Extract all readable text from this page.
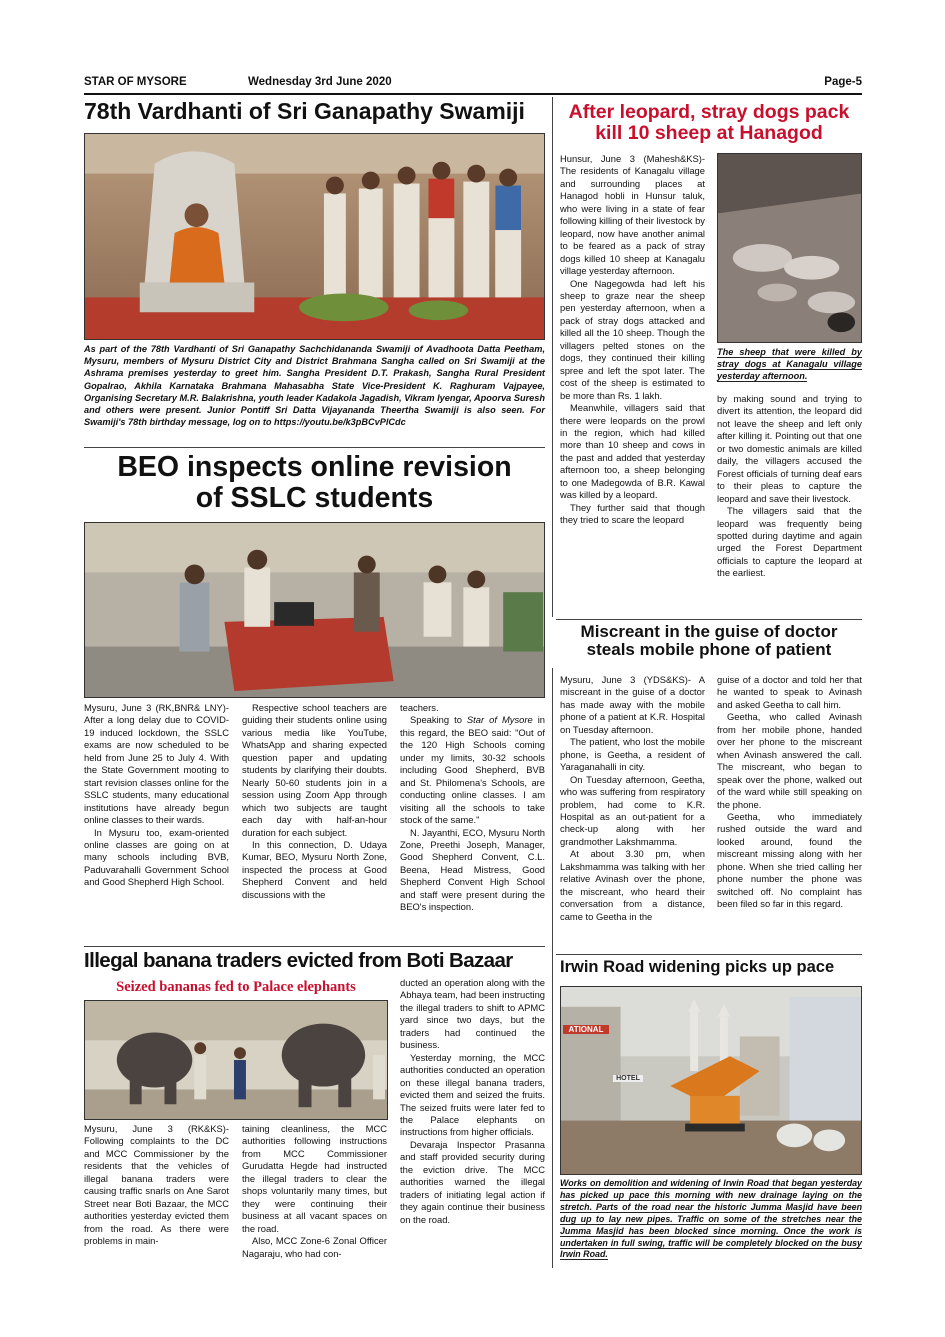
STAR OF MYSORE	Wednesday 3rd June 2020	Page-5
78th Vardhanti of Sri Ganapathy Swamiji
As part of the 78th Vardhanti of Sri Ganapathy Sachchidananda Swamiji of Avadhoota Datta Peetham, Mysuru, members of Mysuru District City and District Brahmana Sangha called on Sri Swamiji at the Ashrama premises yesterday to greet him. Sangha President D.T. Prakash, Sangha Rural President Gopalrao, Akhila Karnataka Brahmana Mahasabha State Vice-President K. Raghuram Vajpayee, Organising Secretary M.R. Balakrishna, youth leader Kadakola Jagadish, Vikram Iyengar, Apoorva Suresh and others were present. Junior Pontiff Sri Datta Vijayananda Theertha Swamiji is also seen. For Swamiji's 78th birthday message, log on to https://youtu.be/k3pBCvPlCdc
After leopard, stray dogs pack
kill 10 sheep at Hanagod

Hunsur, June 3 (Mahesh&KS)- The residents of Kanagalu village and surrounding places at Hanagod hobli in Hunsur taluk, who were living in a state of fear following killing of their livestock by leopard, now have another animal to be feared as a pack of stray dogs killed 10 sheep at Kanagalu village yesterday afternoon.

One Nagegowda had left his sheep to graze near the sheep pen yesterday afternoon, when a pack of stray dogs attacked and killed all the 10 sheep. Though the villagers pelted stones on the dogs, they continued their killing spree and left the spot later. The cost of the sheep is estimated to be more than Rs. 1 lakh.

Meanwhile, villagers said that there were leopards on the prowl in the region, which had killed more than 10 sheep and cows in the past and added that yesterday afternoon too, a sheep belonging to one Madegowda of B.R. Kawal was killed by a leopard.

They further said that though they tried to scare the leopard

The sheep that were killed by stray dogs at Kanagalu village yesterday afternoon.

by making sound and trying to divert its attention, the leopard did not leave the sheep and left only after killing it. Pointing out that one or two domestic animals are killed daily, the villagers accused the Forest officials of turning deaf ears to their pleas to capture the leopard and save their livestock.

The villagers said that the leopard was frequently being spotted during daytime and again urged the Forest Department officials to capture the leopard at the earliest.

Miscreant in the guise of doctor
steals mobile phone of patient

Mysuru, June 3 (YDS&KS)- A miscreant in the guise of a doctor has made away with the mobile phone of a patient at K.R. Hospital on Tuesday afternoon.

The patient, who lost the mobile phone, is Geetha, a resident of Yaraganahalli in city.

On Tuesday afternoon, Geetha, who was suffering from respiratory problem, had come to K.R. Hospital as an out-patient for a check-up along with her grandmother Lakshmamma.

At about 3.30 pm, when Lakshmamma was talking with her relative Avinash over the phone, the miscreant, who heard their conversation from a distance, came to Geetha in the

guise of a doctor and told her that he wanted to speak to Avinash and asked Geetha to call him.

Geetha, who called Avinash from her mobile phone, handed over her phone to the miscreant when Avinash answered the call. The miscreant, who began to speak over the phone, walked out of the ward while still speaking on the phone.

Geetha, who immediately rushed outside the ward and looked around, found the miscreant missing along with her phone. When she tried calling her phone number the phone was switched off. No complaint has been filed so far in this regard.

BEO inspects online revision
of SSLC students

Mysuru, June 3 (RK,BNR& LNY)- After a long delay due to COVID-19 induced lockdown, the SSLC exams are now scheduled to be held from June 25 to July 4. With the State Government mooting to start revision classes online for the SSLC students, many educational institutions have already begun online classes to their wards.

In Mysuru too, exam-oriented online classes are going on at many schools including BVB, Paduvarahalli Government School and Good Shepherd High School.

Respective school teachers are guiding their students online using various media like YouTube, WhatsApp and sharing expected question paper and updating students by clarifying their doubts. Nearly 50-60 students join in a session using Zoom App through which two subjects are taught each day with half-an-hour duration for each subject.

In this connection, D. Udaya Kumar, BEO, Mysuru North Zone, inspected the process at Good Shepherd Convent and held discussions with the

teachers.

Speaking to Star of Mysore in this regard, the BEO said: "Out of the 120 High Schools coming under my limits, 30-32 schools including Good Shepherd, BVB and St. Philomena's Schools, are conducting online classes. I am visiting all the schools to take stock of the same."

N. Jayanthi, ECO, Mysuru North Zone, Preethi Joseph, Manager, Good Shepherd Convent, C.L. Beena, Head Mistress, Good Shepherd Convent High School and staff were present during the BEO's inspection.

Illegal banana traders evicted from Boti Bazaar
Seized bananas fed to Palace elephants

Mysuru, June 3 (RK&KS)- Following complaints to the DC and MCC Commissioner by the residents that the vehicles of illegal banana traders were causing traffic snarls on Ane Sarot Street near Boti Bazaar, the MCC authorities yesterday evicted them from the road. As there were problems in main-

taining cleanliness, the MCC authorities following instructions from MCC Commissioner Gurudatta Hegde had instructed the illegal traders to clear the shops voluntarily many times, but they were continuing their business at all vacant spaces on the road.

Also, MCC Zone-6 Zonal Officer Nagaraju, who had con-

ducted an operation along with the Abhaya team, had been instructing the illegal traders to shift to APMC yard since two days, but the traders had continued the business.

Yesterday morning, the MCC authorities conducted an operation on these illegal banana traders, evicted them and seized the fruits. The seized fruits were later fed to the Palace elephants on instructions from higher officials.

Devaraja Inspector Prasanna and staff provided security during the eviction drive. The MCC authorities warned the illegal traders of initiating legal action if they again continue their business on the road.

Irwin Road widening picks up pace
ATIONAL
HOTEL
Works on demolition and widening of Irwin Road that began yesterday has picked up pace this morning with new drainage laying on the stretch. Parts of the road near the historic Jumma Masjid have been dug up to lay new pipes. Traffic on some of the stretches near the Jumma Masjid has been blocked since morning. Once the work is undertaken in full swing, traffic will be completely blocked on the busy Irwin Road.
